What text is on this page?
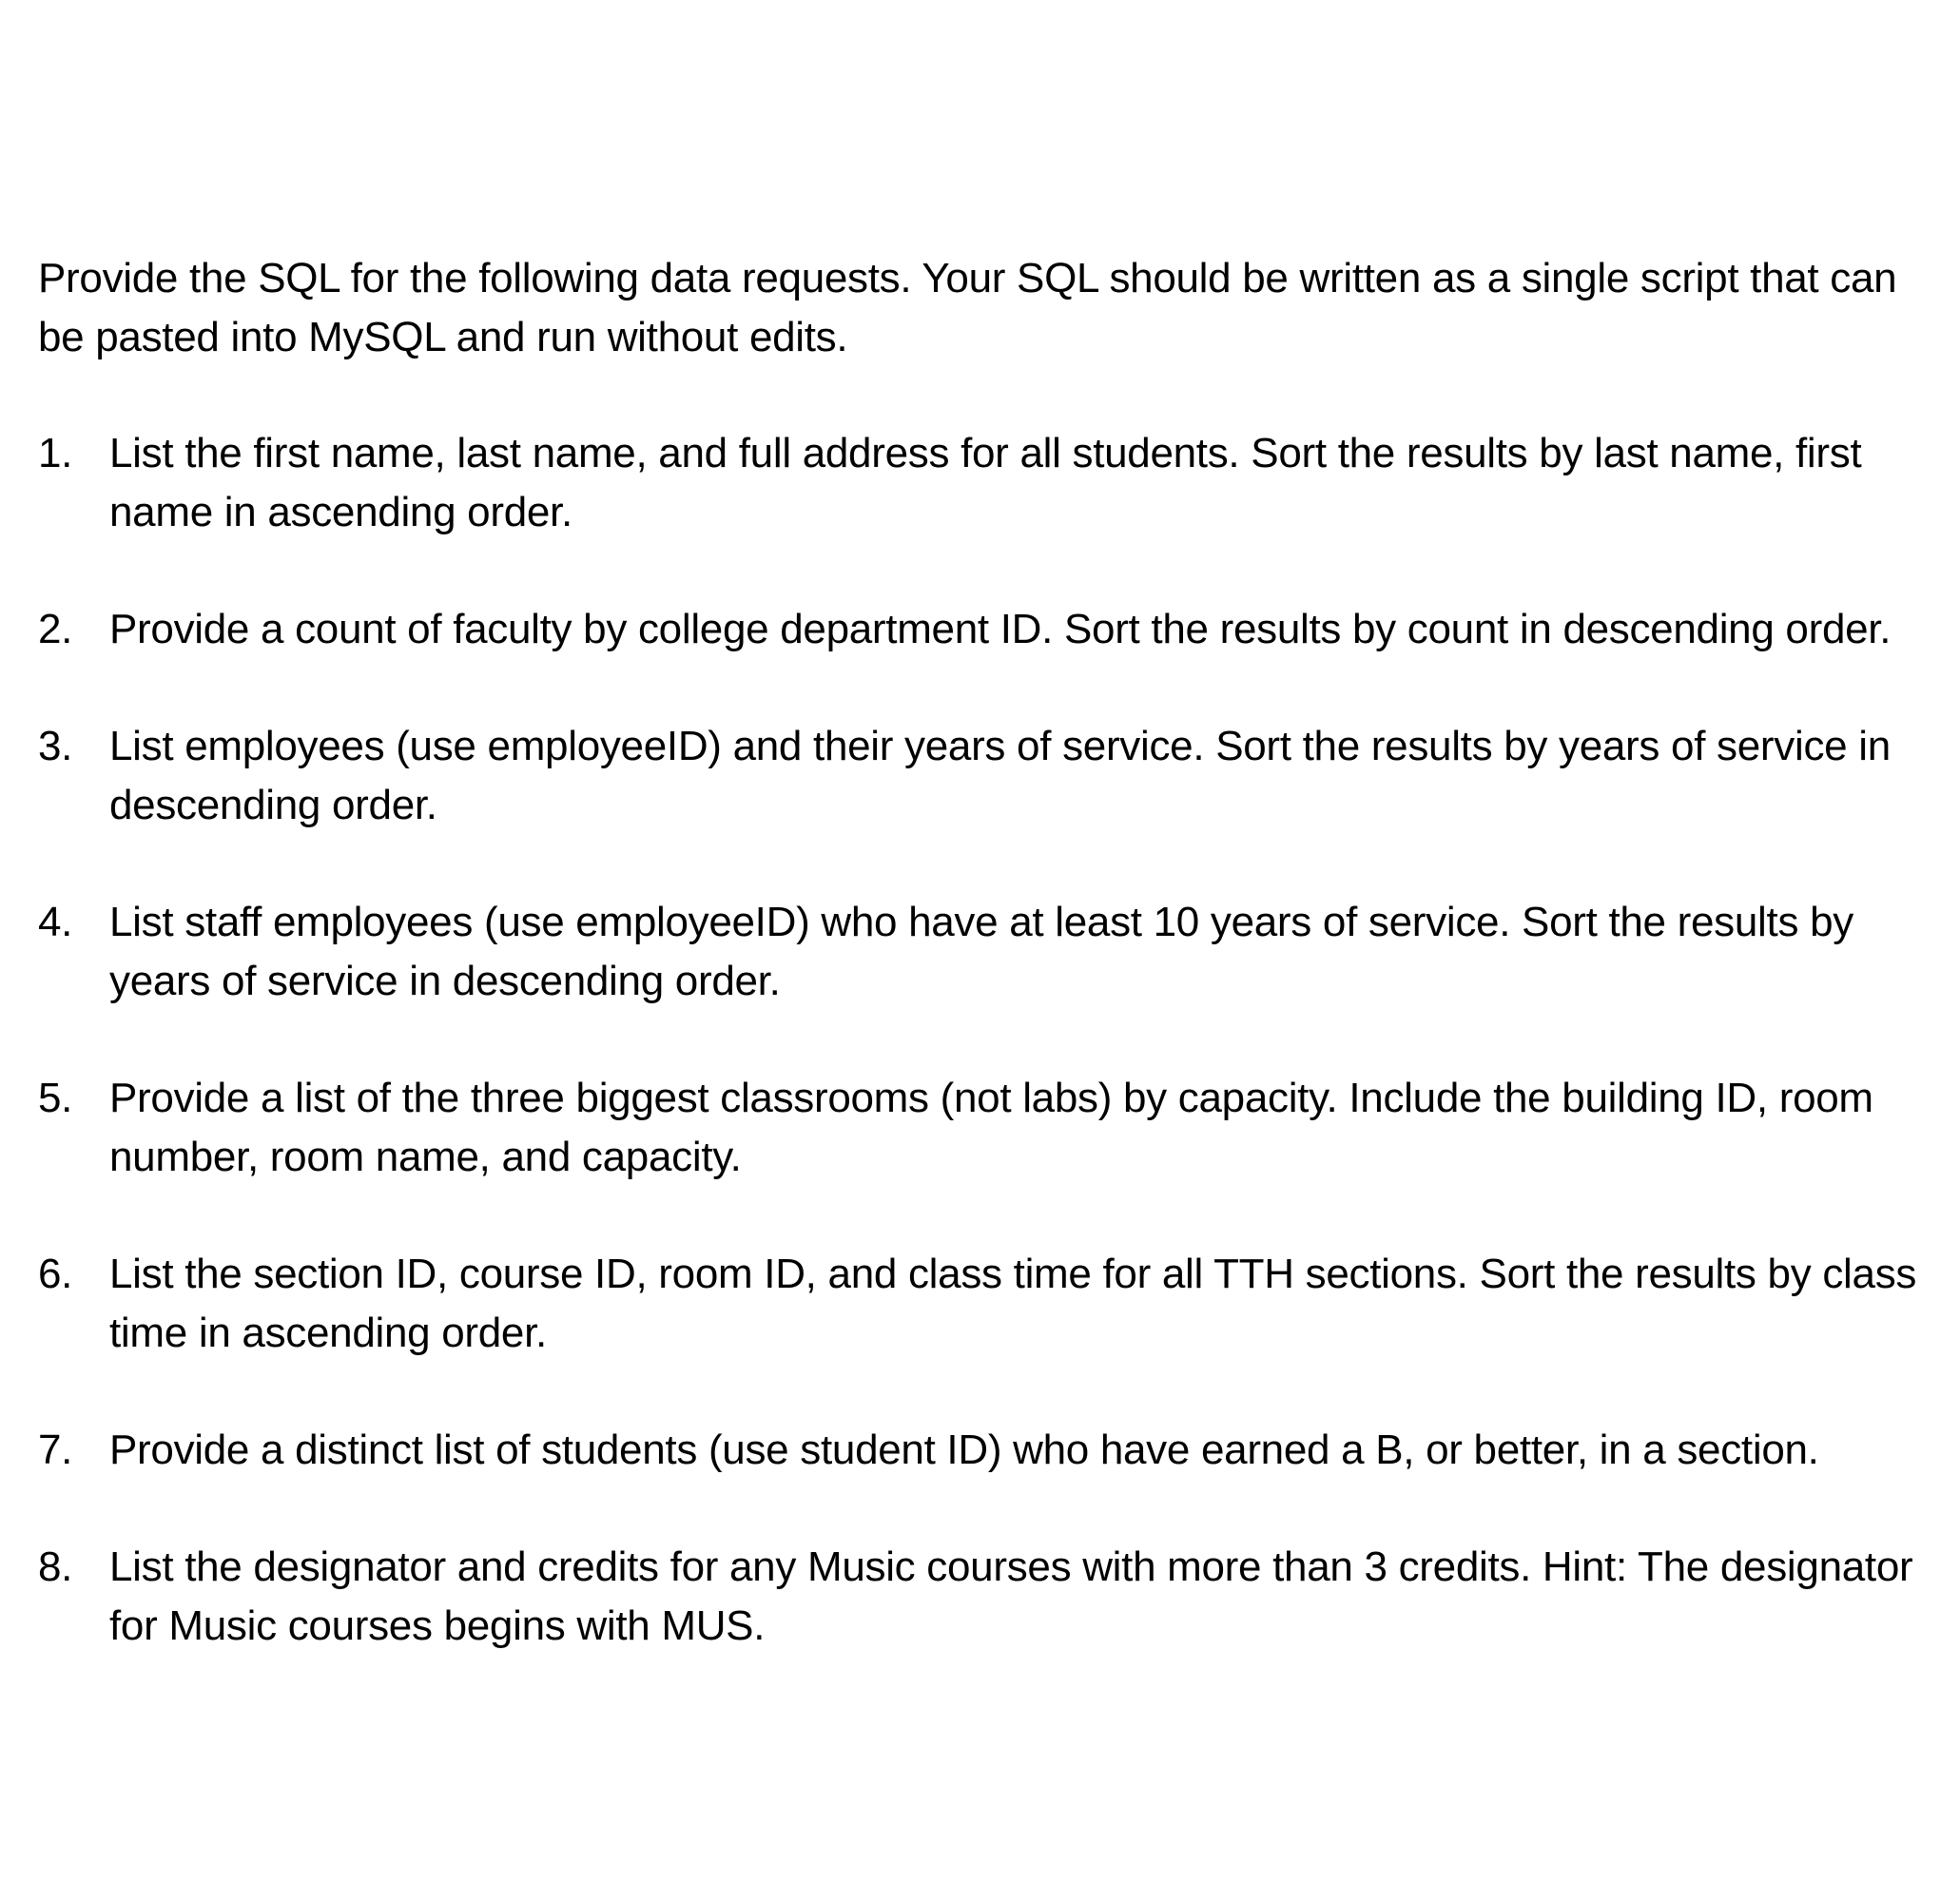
Provide the SQL for the following data requests. Your SQL should be written as a single script that can be pasted into MySQL and run without edits.

1. List the first name, last name, and full address for all students. Sort the results by last name, first name in ascending order.
2. Provide a count of faculty by college department ID. Sort the results by count in descending order.
3. List employees (use employeeID) and their years of service. Sort the results by years of service in descending order.
4. List staff employees (use employeeID) who have at least 10 years of service. Sort the results by years of service in descending order.
5. Provide a list of the three biggest classrooms (not labs) by capacity. Include the building ID, room number, room name, and capacity.
6. List the section ID, course ID, room ID, and class time for all TTH sections. Sort the results by class time in ascending order.
7. Provide a distinct list of students (use student ID) who have earned a B, or better, in a section.
8. List the designator and credits for any Music courses with more than 3 credits. Hint: The designator for Music courses begins with MUS.
